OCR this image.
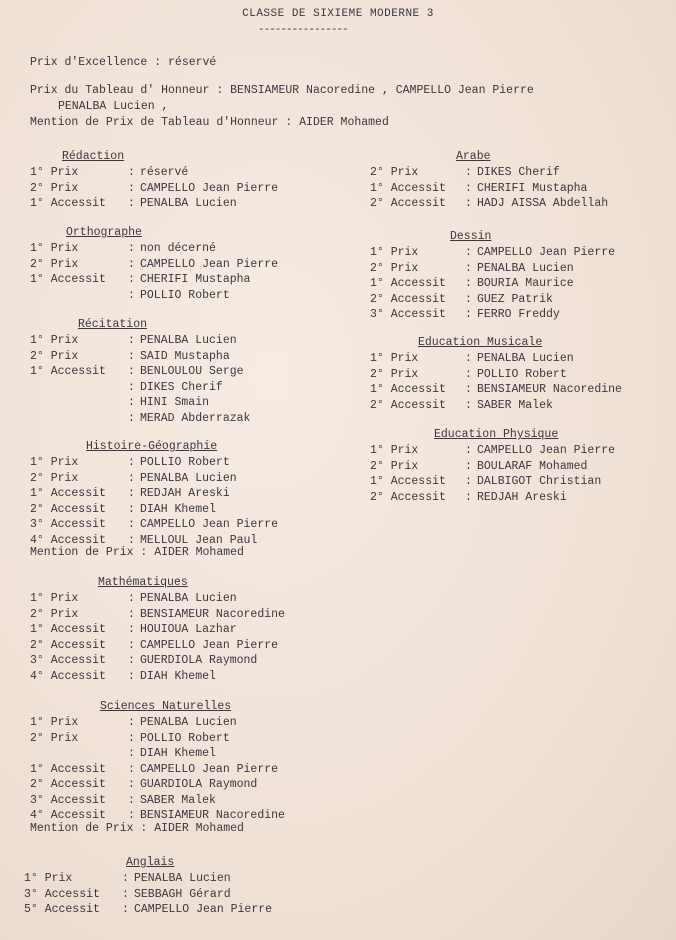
CLASSE DE SIXIEME MODERNE 3
----------------
Prix d'Excellence : réservé
Prix du Tableau d' Honneur : BENSIAMEUR Nacoredine , CAMPELLO Jean Pierre
PENALBA Lucien ,
Mention de Prix de Tableau d'Honneur : AIDER Mohamed
Rédaction
Orthographe
Récitation
Histoire-Géographie
Mention de Prix : AIDER Mohamed
Mathématiques
Sciences Naturelles
Mention de Prix : AIDER Mohamed
Anglais
Arabe
Dessin
Education Musicale
Education Physique
1° Prix	: réservé
2° Prix	: CAMPELLO Jean Pierre
1° Accessit : PENALBA Lucien
1° Prix	: non décerné
2° Prix	: CAMPELLO Jean Pierre
1° Accessit : CHERIFI Mustapha
: POLLIO Robert
1° Prix	: PENALBA Lucien
2° Prix	: SAID Mustapha
1° Accessit : BENLOULOU Serge
: DIKES Cherif
: HINI Smain
: MERAD Abderrazak
1° Prix	: POLLIO Robert
2° Prix	: PENALBA Lucien
1° Accessit : REDJAH Areski
2° Accessit : DIAH Khemel
3° Accessit : CAMPELLO Jean Pierre
4° Accessit : MELLOUL Jean Paul
1° Prix	: PENALBA Lucien
2° Prix	: BENSIAMEUR Nacoredine
1° Accessit : HOUIOUA Lazhar
2° Accessit : CAMPELLO Jean Pierre
3° Accessit : GUERDIOLA Raymond
4° Accessit : DIAH Khemel
1° Prix	: PENALBA Lucien
2° Prix	: POLLIO Robert
: DIAH Khemel
1° Accessit : CAMPELLO Jean Pierre
2° Accessit : GUARDIOLA Raymond
3° Accessit : SABER Malek
4° Accessit : BENSIAMEUR Nacoredine
1° Prix	: PENALBA Lucien
3° Accessit : SEBBAGH Gérard
5° Accessit : CAMPELLO Jean Pierre
2° Prix	: DIKES Cherif
1° Accessit : CHERIFI Mustapha
2° Accessit : HADJ AISSA Abdellah
1° Prix	: CAMPELLO Jean Pierre
2° Prix	: PENALBA Lucien
1° Accessit : BOURIA Maurice
2° Accessit : GUEZ Patrik
3° Accessit : FERRO Freddy
1° Prix	: PENALBA Lucien
2° Prix	: POLLIO Robert
1° Accessit : BENSIAMEUR Nacoredine
2° Accessit : SABER Malek
1° Prix	: CAMPELLO Jean Pierre
2° Prix	: BOULARAF Mohamed
1° Accessit : DALBIGOT Christian
2° Accessit : REDJAH Areski
